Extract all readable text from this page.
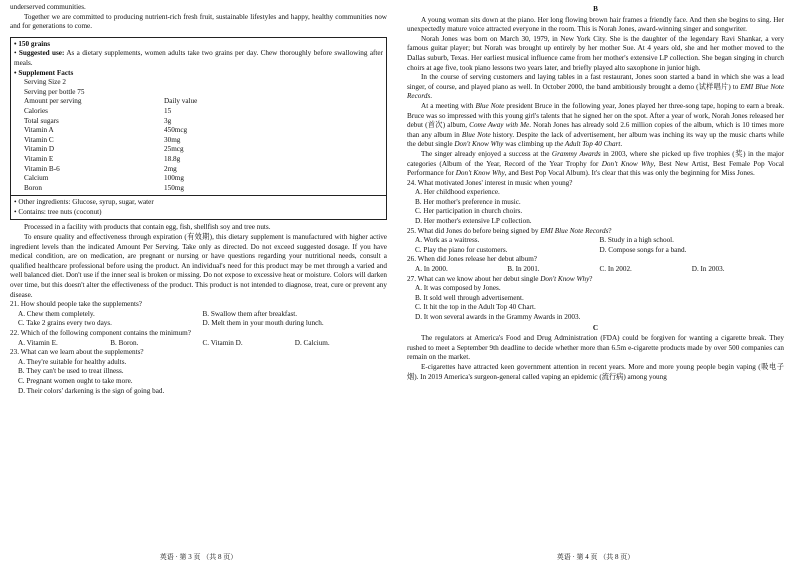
underserved communities.

Together we are committed to producing nutrient-rich fresh fruit, sustainable lifestyles and happy, healthy communities now and for generations to come.

• 150 grains

• Suggested use: As a dietary supplements, women adults take two grains per day. Chew thoroughly before swallowing after meals.

• Supplement Facts

Serving Size 2

Serving per bottle 75

Amount per serving	Daily value
Calories	15
Total sugars	3g
Vitamin A	450mcg
Vitamin C	30mg
Vitamin D	25mcg
Vitamin E	18.8g
Vitamin B-6	2mg
Calcium	100mg
Boron	150mg

• Other ingredients: Glucose, syrup, sugar, water

• Contains: tree nuts (coconut)

Processed in a facility with products that contain egg, fish, shellfish soy and tree nuts.

To ensure quality and effectiveness through expiration (有效期), this dietary supplement is manufactured with higher active ingredient levels than the indicated Amount Per Serving. Take only as directed. Do not exceed suggested dosage. If you have medical condition, are on medication, are pregnant or nursing or have questions regarding your nutritional needs, consult a qualified healthcare professional before using the product. An individual's need for this product may be met through a varied and well balanced diet. Don't use if the inner seal is broken or missing. Do not expose to excessive heat or moisture. Colors will darken over time, but this doesn't alter the effectiveness of the product. This product is not intended to diagnose, treat, cure or prevent any disease.

21. How should people take the supplements?

A. Chew them completely.	B. Swallow them after breakfast.
C. Take 2 grains every two days.	D. Melt them in your mouth during lunch.

22. Which of the following component contains the minimum?

A. Vitamin E.	B. Boron.	C. Vitamin D.	D. Calcium.

23. What can we learn about the supplements?

A. They're suitable for healthy adults.

B. They can't be used to treat illness.

C. Pregnant women ought to take more.

D. Their colors' darkening is the sign of going bad.

英语 · 第 3 页 （共 8 页）

B

A young woman sits down at the piano. Her long flowing brown hair frames a friendly face. And then she begins to sing. Her unexpectedly mature voice attracted everyone in the room. This is Norah Jones, award-winning singer and songwriter.

Norah Jones was born on March 30, 1979, in New York City. She is the daughter of the legendary Ravi Shankar, a very famous guitar player; but Norah was brought up entirely by her mother Sue. At 4 years old, she and her mother moved to the Dallas suburb, Texas. Her earliest musical influence came from her mother's extensive LP collection. She began singing in church choirs at age five, took piano lessons two years later, and briefly played alto saxophone in junior high.

In the course of serving customers and laying tables in a fast restaurant, Jones soon started a band in which she was a lead singer, of course, and played piano as well. In October 2000, the band ambitiously brought a demo (试样唱片) to EMI Blue Note Records.

At a meeting with Blue Note president Bruce in the following year, Jones played her three-song tape, hoping to earn a break. Bruce was so impressed with this young girl's talents that he signed her on the spot. After a year of work, Norah Jones released her debut (首次) album, Come Away with Me. Norah Jones has already sold 2.6 million copies of the album, which is 10 times more than any album in Blue Note history. Despite the lack of advertisement, her album was inching its way up the music charts while the debut single Don't Know Why was climbing up the Adult Top 40 Chart.

The singer already enjoyed a success at the Grammy Awards in 2003, where she picked up five trophies (奖) in the major categories (Album of the Year, Record of the Year Trophy for Don't Know Why, Best New Artist, Best Female Pop Vocal Performance for Don't Know Why, and Best Pop Vocal Album). It's clear that this was only the beginning for Miss Jones.

24. What motivated Jones' interest in music when young?

A. Her childhood experience.

B. Her mother's preference in music.

C. Her participation in church choirs.

D. Her mother's extensive LP collection.

25. What did Jones do before being signed by EMI Blue Note Records?

A. Work as a waitress.	B. Study in a high school.
C. Play the piano for customers.	D. Compose songs for a band.

26. When did Jones release her debut album?

A. In 2000.	B. In 2001.	C. In 2002.	D. In 2003.

27. What can we know about her debut single Don't Know Why?

A. It was composed by Jones.

B. It sold well through advertisement.

C. It hit the top in the Adult Top 40 Chart.

D. It won several awards in the Grammy Awards in 2003.

C

The regulators at America's Food and Drug Administration (FDA) could be forgiven for wanting a cigarette break. They rushed to meet a September 9th deadline to decide whether more than 6.5m e-cigarette products made by over 500 companies can remain on the market.

E-cigarettes have attracted keen government attention in recent years. More and more young people begin vaping (吸电子烟). In 2019 America's surgeon-general called vaping an epidemic (流行病) among young

英语 · 第 4 页 （共 8 页）
